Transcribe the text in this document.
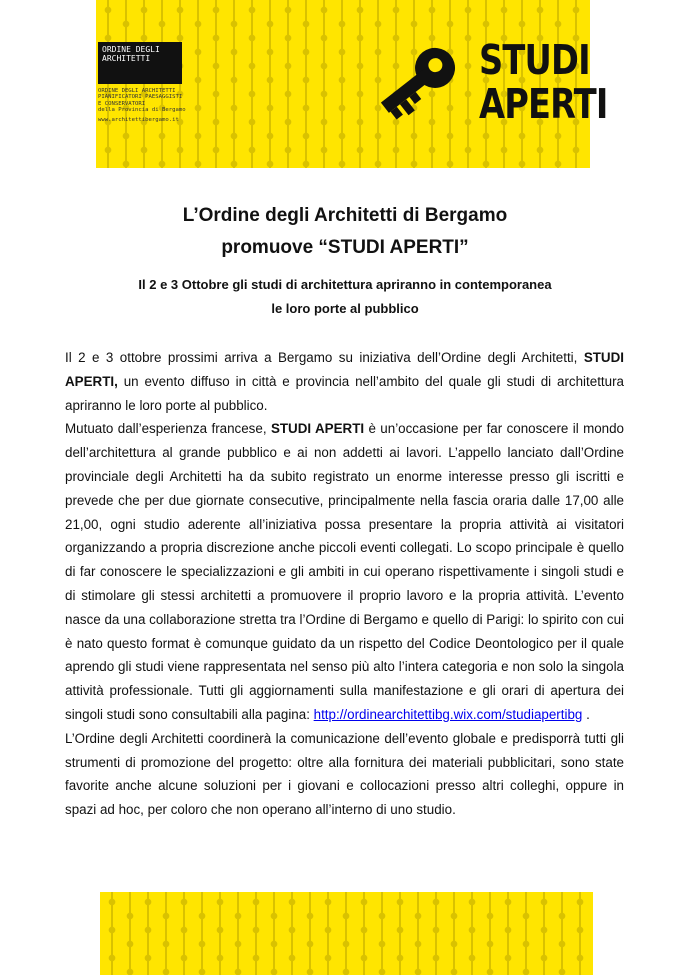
ORDINE DEGLI ARCHITETTI
ORDINE DEGLI ARCHITETTI
PIANIFICATORI PAESAGGISTI
E CONSERVATORI
della Provincia di Bergamo
www.architettibergamo.it
STUDI
APERTI
L’Ordine degli Architetti di Bergamo
promuove “STUDI APERTI”
Il 2 e 3 Ottobre gli studi di architettura apriranno in contemporanea
le loro porte al pubblico

Il 2 e 3 ottobre prossimi arriva a Bergamo su iniziativa dell’Ordine degli Architetti, STUDI APERTI, un evento diffuso in città e provincia nell’ambito del quale gli studi di architettura apriranno le loro porte al pubblico.

Mutuato dall’esperienza francese, STUDI APERTI è un’occasione per far conoscere il mondo dell’architettura al grande pubblico e ai non addetti ai lavori. L’appello lanciato dall’Ordine provinciale degli Architetti ha da subito registrato un enorme interesse presso gli iscritti e prevede che per due giornate consecutive, principalmente nella fascia oraria dalle 17,00 alle 21,00, ogni studio aderente all’iniziativa possa presentare la propria attività ai visitatori organizzando a propria discrezione anche piccoli eventi collegati. Lo scopo principale è quello di far conoscere le specializzazioni e gli ambiti in cui operano rispettivamente i singoli studi e di stimolare gli stessi architetti a promuovere il proprio lavoro e la propria attività. L’evento nasce da una collaborazione stretta tra l’Ordine di Bergamo e quello di Parigi: lo spirito con cui è nato questo format è comunque guidato da un rispetto del Codice Deontologico per il quale aprendo gli studi viene rappresentata nel senso più alto l’intera categoria e non solo la singola attività professionale. Tutti gli aggiornamenti sulla manifestazione e gli orari di apertura dei singoli studi sono consultabili alla pagina: http://ordinearchitettibg.wix.com/studiapertibg .

L’Ordine degli Architetti coordinerà la comunicazione dell’evento globale e predisporrà tutti gli strumenti di promozione del progetto: oltre alla fornitura dei materiali pubblicitari, sono state favorite anche alcune soluzioni per i giovani e collocazioni presso altri colleghi, oppure in spazi ad hoc, per coloro che non operano all’interno di uno studio.
